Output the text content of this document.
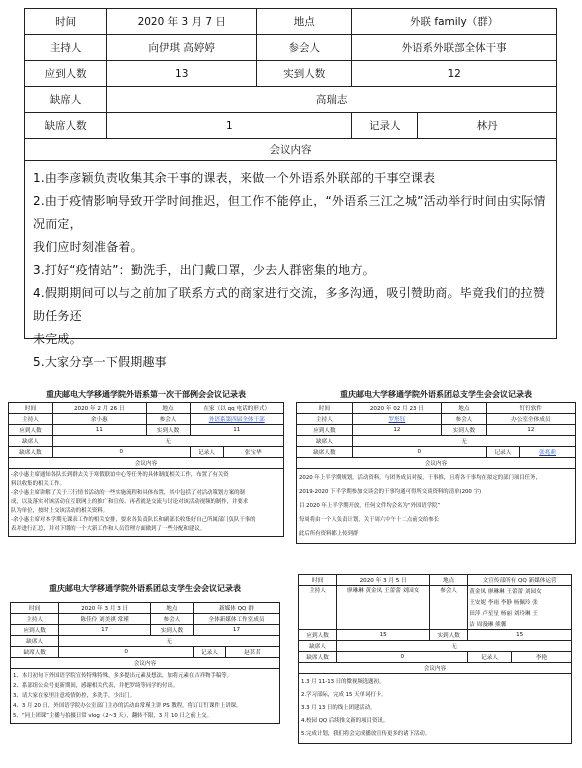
时间	2020 年 3 月 7 日	地点	外联 family（群）	
主持人	向伊琪 高婷婷	参会人	外语系外联部全体干事	
应到人数	13	实到人数	12	
缺席人	高瑞志			
缺席人数	1		记录人	林丹
会议内容				
1.由李彦颖负责收集其余干事的课表，来做一个外语系外联部的干事空课表
2.由于疫情影响导致开学时间推迟，但工作不能停止，“外语系三江之城”活动举行时间由实际情况而定，
我们应时刻准备着。
3.打好“疫情站”：勤洗手，出门戴口罩，少去人群密集的地方。
4.假期期间可以与之前加了联系方式的商家进行交流，多多沟通，吸引赞助商。毕竟我们的拉赞助任务还
未完成。
5.大家分享一下假期趣事
重庆邮电大学移通学院外语系第一次干部例会会议记录表
时间	2020 年 2 月 26 日	地点	在家（以 qq 电话的形式）	
主持人	余小惠	参会人	外语系第四届全体干部	
应到人数	11	实到人数	11	
缺席人	无			
缺席人数	0		记录人	张宝华
会议内容				
-余小惠主席通知各队长到群去关于寒假联谊中心等任务的具体制度相关工作，布置了有关资
料以收集的相关工作。
-余小惠主席讲解了关于三行情书活动的一些实施流程和具体布置，其中包括了对活动策划方案的制
成，以及落实对该活动在互联网上的推广和宣传。再者就是交流与讨论对该活动视频的制作，并要求
队为单位，按时上交该活动的相关资料。
-余小惠主席对本学期无课表工作的相关安排，要求各负责队长和副部长收集好自己所属部门负队干事的
表并进行汇总，并对下期的一个大新工作和人员管理方面做到了一些分配和建议。
重庆邮电大学移通学院外语系团总支学生会会议记录表
时间	2020 年 02 月 23 日	地点	钉钉软件	
主持人	罗彤钰	参会人	办公室全体成员	
应到人数	12	实到人数	12	
缺席人	无			
缺席人数	0		记录人	张兆莉
会议内容				
2020 年上半学期规划，活动资料，与团务成员对接，干事推，且将各干事均在拟定的部门项目任务，
2019-2020 下半学期参加交谈会的干事均通可得所交谈资料的清单(200 字)
目 2020 年上半学期开放，任何文件均会名为“外国语学院”
每周将由一个人负责计划，关于周六中午十二点前交给参长
此后所有资料都上传到群
重庆邮电大学移通学院外语系团总支学生会会议记录表
时间	2020 年 3 月 3 日	地点	新媒体 QQ 群	
主持人	陈佳伶 刘美祺 常瑾	参会人	全体新媒体工作室成员	
应到人数	17	实到人数	17	
缺席人	无			
缺席人数	0		记录人	赵茗茗
会议内容				
1、本月初旬下外国语学院宣传特殊特殊，多多提出元素及想法，加将元素在吉祥物手稿等。
2、系部组公众号更新期间，感谢相关代表，并把罗绮等同学的付出。
3、请大家在家里注意疫情防控，多洗手，少出门。
4、3 月 20 日，外国语学院办公室部门主办的活动由常瑾主讲 PS 教程，将订订钉课件上讲课。
5、“同上团课”主播与拍摄日常 vlog（2~3 天），翻转不限，3 月 10 日之前上交。
时间	2020 年 3 月 5 日	地点	文宣传部所有 QQ 新媒体运营	
主持人	廖琳琳 黄金凤 王蕾蕾 刘园女	参会人	黄金凤 廖琳琳 王蕾蕾 刘园女	
			王安妮 李雨 李静 杨佩玲 张	
			田萍 卢星星 杨丽 刘玲琳 王	
			洁 周漫琳 熊馨	
应到人数	15	实到人数	15	
缺席人	无			
缺席人数	0		记录人	李艳
会议内容				
1.3 月 11-13 日的微视频选题初。
2.学习部际，完成 15 天单词打卡。
3.3 月 13 日的线上团建活动。
4.校园 QQ 后续推文新的项目资讯。
5.完成计划，我们将会完成播放宣传更多的诸下活动。
